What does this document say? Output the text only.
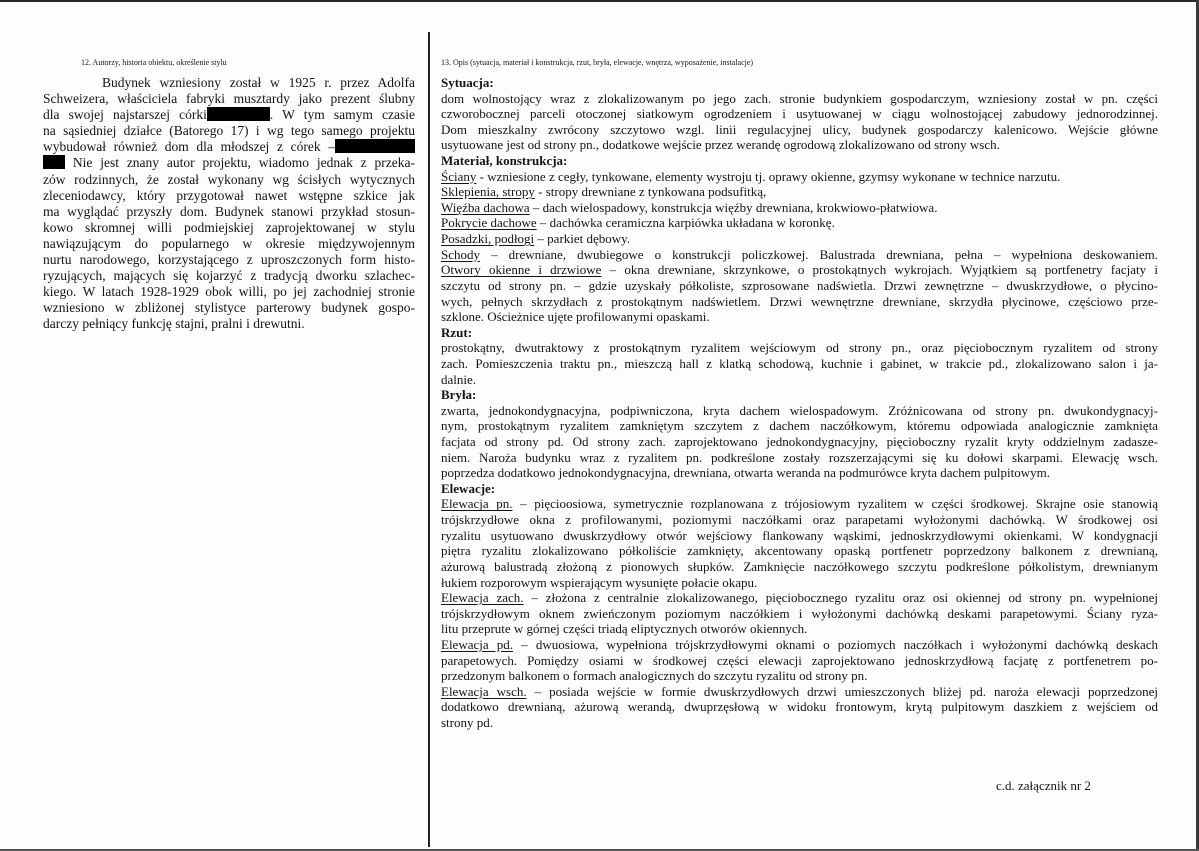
12. Autorzy, historia obiektu, określenie stylu
Budynek wzniesiony został w 1925 r. przez Adolfa
Schweizera, właściciela fabryki musztardy jako prezent ślubny
dla swojej najstarszej córki	. W tym samym czasie
na sąsiedniej działce (Batorego 17) i wg tego samego projektu
wybudował również dom dla młodszej z córek –
Nie jest znany autor projektu, wiadomo jednak z przeka-
zów rodzinnych, że został wykonany wg ścisłych wytycznych
zleceniodawcy, który przygotował nawet wstępne szkice jak
ma wyglądać przyszły dom. Budynek stanowi przykład stosun-
kowo skromnej willi podmiejskiej zaprojektowanej w stylu
nawiązującym do popularnego w okresie międzywojennym
nurtu narodowego, korzystającego z uproszczonych form histo-
ryzujących, mających się kojarzyć z tradycją dworku szlachec-
kiego. W latach 1928-1929 obok willi, po jej zachodniej stronie
wzniesiono w zbliżonej stylistyce parterowy budynek gospo-
darczy pełniący funkcję stajni, pralni i drewutni.
13. Opis (sytuacja, materiał i konstrukcja, rzut, bryła, elewacje, wnętrza, wyposażenie, instalacje)
Sytuacja:
dom wolnostojący wraz z zlokalizowanym po jego zach. stronie budynkiem gospodarczym, wzniesiony został w pn. części
czworobocznej parceli otoczonej siatkowym ogrodzeniem i usytuowanej w ciągu wolnostojącej zabudowy jednorodzinnej.
Dom mieszkalny zwrócony szczytowo wzgl. linii regulacyjnej ulicy, budynek gospodarczy kalenicowo. Wejście główne
usytuowane jest od strony pn., dodatkowe wejście przez werandę ogrodową zlokalizowano od strony wsch.
Materiał, konstrukcja:
Ściany - wzniesione z cegły, tynkowane, elementy wystroju tj. oprawy okienne, gzymsy wykonane w technice narzutu.
Sklepienia, stropy - stropy drewniane z tynkowana podsufitką,
Więźba dachowa – dach wielospadowy, konstrukcja więźby drewniana, krokwiowo-płatwiowa.
Pokrycie dachowe – dachówka ceramiczna karpiówka układana w koronkę.
Posadzki, podłogi – parkiet dębowy.
Schody – drewniane, dwubiegowe o konstrukcji policzkowej. Balustrada drewniana, pełna – wypełniona deskowaniem.
Otwory okienne i drzwiowe – okna drewniane, skrzynkowe, o prostokątnych wykrojach. Wyjątkiem są portfenetry facjaty i
szczytu od strony pn. – gdzie uzyskały półkoliste, szprosowane nadświetla. Drzwi zewnętrzne – dwuskrzydłowe, o płycino-
wych, pełnych skrzydłach z prostokątnym nadświetlem. Drzwi wewnętrzne drewniane, skrzydła płycinowe, częściowo prze-
szklone. Ościeżnice ujęte profilowanymi opaskami.
Rzut:
prostokątny, dwutraktowy z prostokątnym ryzalitem wejściowym od strony pn., oraz pięciobocznym ryzalitem od strony
zach. Pomieszczenia traktu pn., mieszczą hall z klatką schodową, kuchnie i gabinet, w trakcie pd., zlokalizowano salon i ja-
dalnie.
Bryła:
zwarta, jednokondygnacyjna, podpiwniczona, kryta dachem wielospadowym. Zróżnicowana od strony pn. dwukondygnacyj-
nym, prostokątnym ryzalitem zamkniętym szczytem z dachem naczółkowym, któremu odpowiada analogicznie zamknięta
facjata od strony pd. Od strony zach. zaprojektowano jednokondygnacyjny, pięcioboczny ryzalit kryty oddzielnym zadasze-
niem. Naroża budynku wraz z ryzalitem pn. podkreślone zostały rozszerzającymi się ku dołowi skarpami. Elewację wsch.
poprzedza dodatkowo jednokondygnacyjna, drewniana, otwarta weranda na podmurówce kryta dachem pulpitowym.
Elewacje:
Elewacja pn. – pięcioosiowa, symetrycznie rozplanowana z trójosiowym ryzalitem w części środkowej. Skrajne osie stanowią
trójskrzydłowe okna z profilowanymi, poziomymi naczółkami oraz parapetami wyłożonymi dachówką. W środkowej osi
ryzalitu usytuowano dwuskrzydłowy otwór wejściowy flankowany wąskimi, jednoskrzydłowymi okienkami. W kondygnacji
piętra ryzalitu zlokalizowano półkoliście zamknięty, akcentowany opaską portfenetr poprzedzony balkonem z drewnianą,
ażurową balustradą złożoną z pionowych słupków. Zamknięcie naczółkowego szczytu podkreślone półkolistym, drewnianym
łukiem rozporowym wspierającym wysunięte połacie okapu.
Elewacja zach. – złożona z centralnie zlokalizowanego, pięciobocznego ryzalitu oraz osi okiennej od strony pn. wypełnionej
trójskrzydłowym oknem zwieńczonym poziomym naczółkiem i wyłożonymi dachówką deskami parapetowymi. Ściany ryza-
litu przeprute w górnej części triadą eliptycznych otworów okiennych.
Elewacja pd. – dwuosiowa, wypełniona trójskrzydłowymi oknami o poziomych naczółkach i wyłożonymi dachówką deskach
parapetowych. Pomiędzy osiami w środkowej części elewacji zaprojektowano jednoskrzydłową facjatę z portfenetrem po-
przedzonym balkonem o formach analogicznych do szczytu ryzalitu od strony pn.
Elewacja wsch. – posiada wejście w formie dwuskrzydłowych drzwi umieszczonych bliżej pd. naroża elewacji poprzedzonej
dodatkowo drewnianą, ażurową werandą, dwuprzęsłową w widoku frontowym, krytą pulpitowym daszkiem z wejściem od
strony pd.
c.d. załącznik nr 2
